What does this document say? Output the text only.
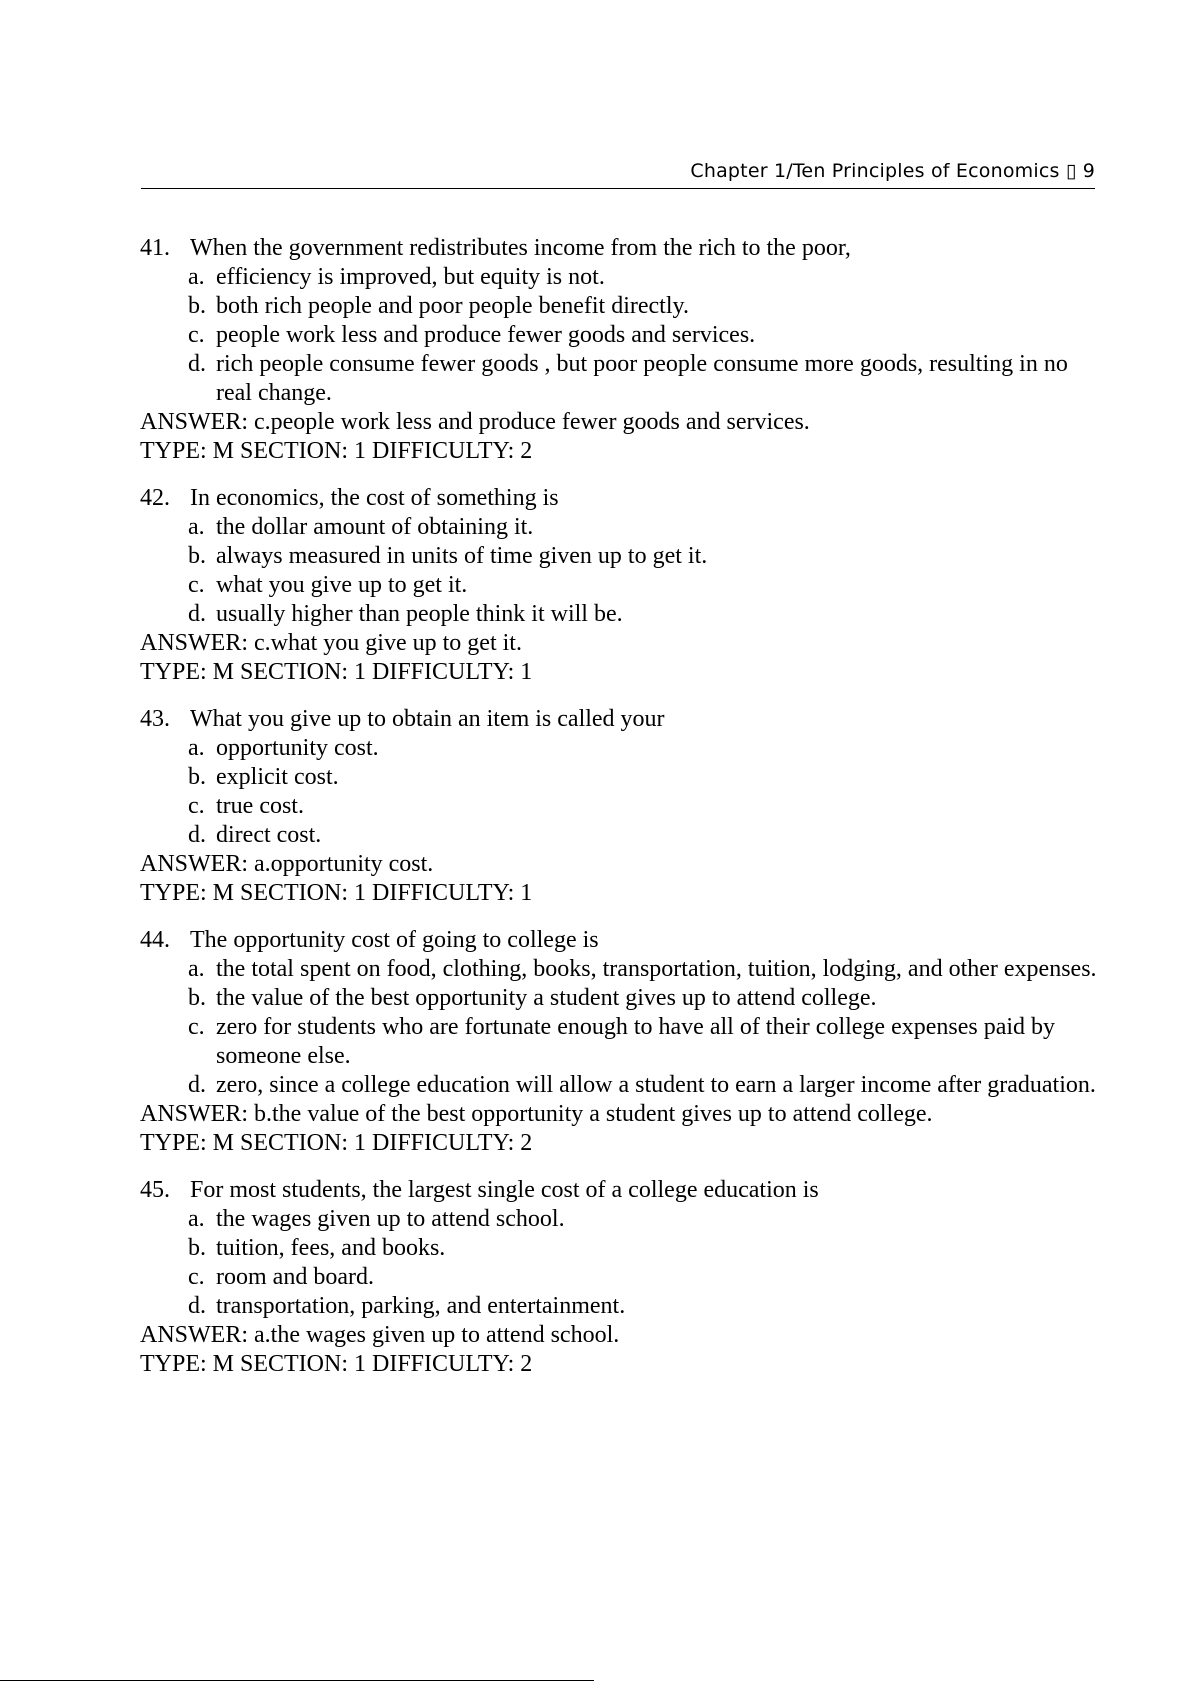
Chapter 1/Ten Principles of Economics ▯ 9
41. When the government redistributes income from the rich to the poor,
a. efficiency is improved, but equity is not.
b. both rich people and poor people benefit directly.
c. people work less and produce fewer goods and services.
d. rich people consume fewer goods , but poor people consume more goods, resulting in no real change.
ANSWER: c.people work less and produce fewer goods and services.
TYPE: M SECTION: 1 DIFFICULTY: 2
42. In economics, the cost of something is
a. the dollar amount of obtaining it.
b. always measured in units of time given up to get it.
c. what you give up to get it.
d. usually higher than people think it will be.
ANSWER: c.what you give up to get it.
TYPE: M SECTION: 1 DIFFICULTY: 1
43. What you give up to obtain an item is called your
a. opportunity cost.
b. explicit cost.
c. true cost.
d. direct cost.
ANSWER: a.opportunity cost.
TYPE: M SECTION: 1 DIFFICULTY: 1
44. The opportunity cost of going to college is
a. the total spent on food, clothing, books, transportation, tuition, lodging, and other expenses.
b. the value of the best opportunity a student gives up to attend college.
c. zero for students who are fortunate enough to have all of their college expenses paid by someone else.
d. zero, since a college education will allow a student to earn a larger income after graduation.
ANSWER: b.the value of the best opportunity a student gives up to attend college.
TYPE: M SECTION: 1 DIFFICULTY: 2
45. For most students, the largest single cost of a college education is
a. the wages given up to attend school.
b. tuition, fees, and books.
c. room and board.
d. transportation, parking, and entertainment.
ANSWER: a.the wages given up to attend school.
TYPE: M SECTION: 1 DIFFICULTY: 2
